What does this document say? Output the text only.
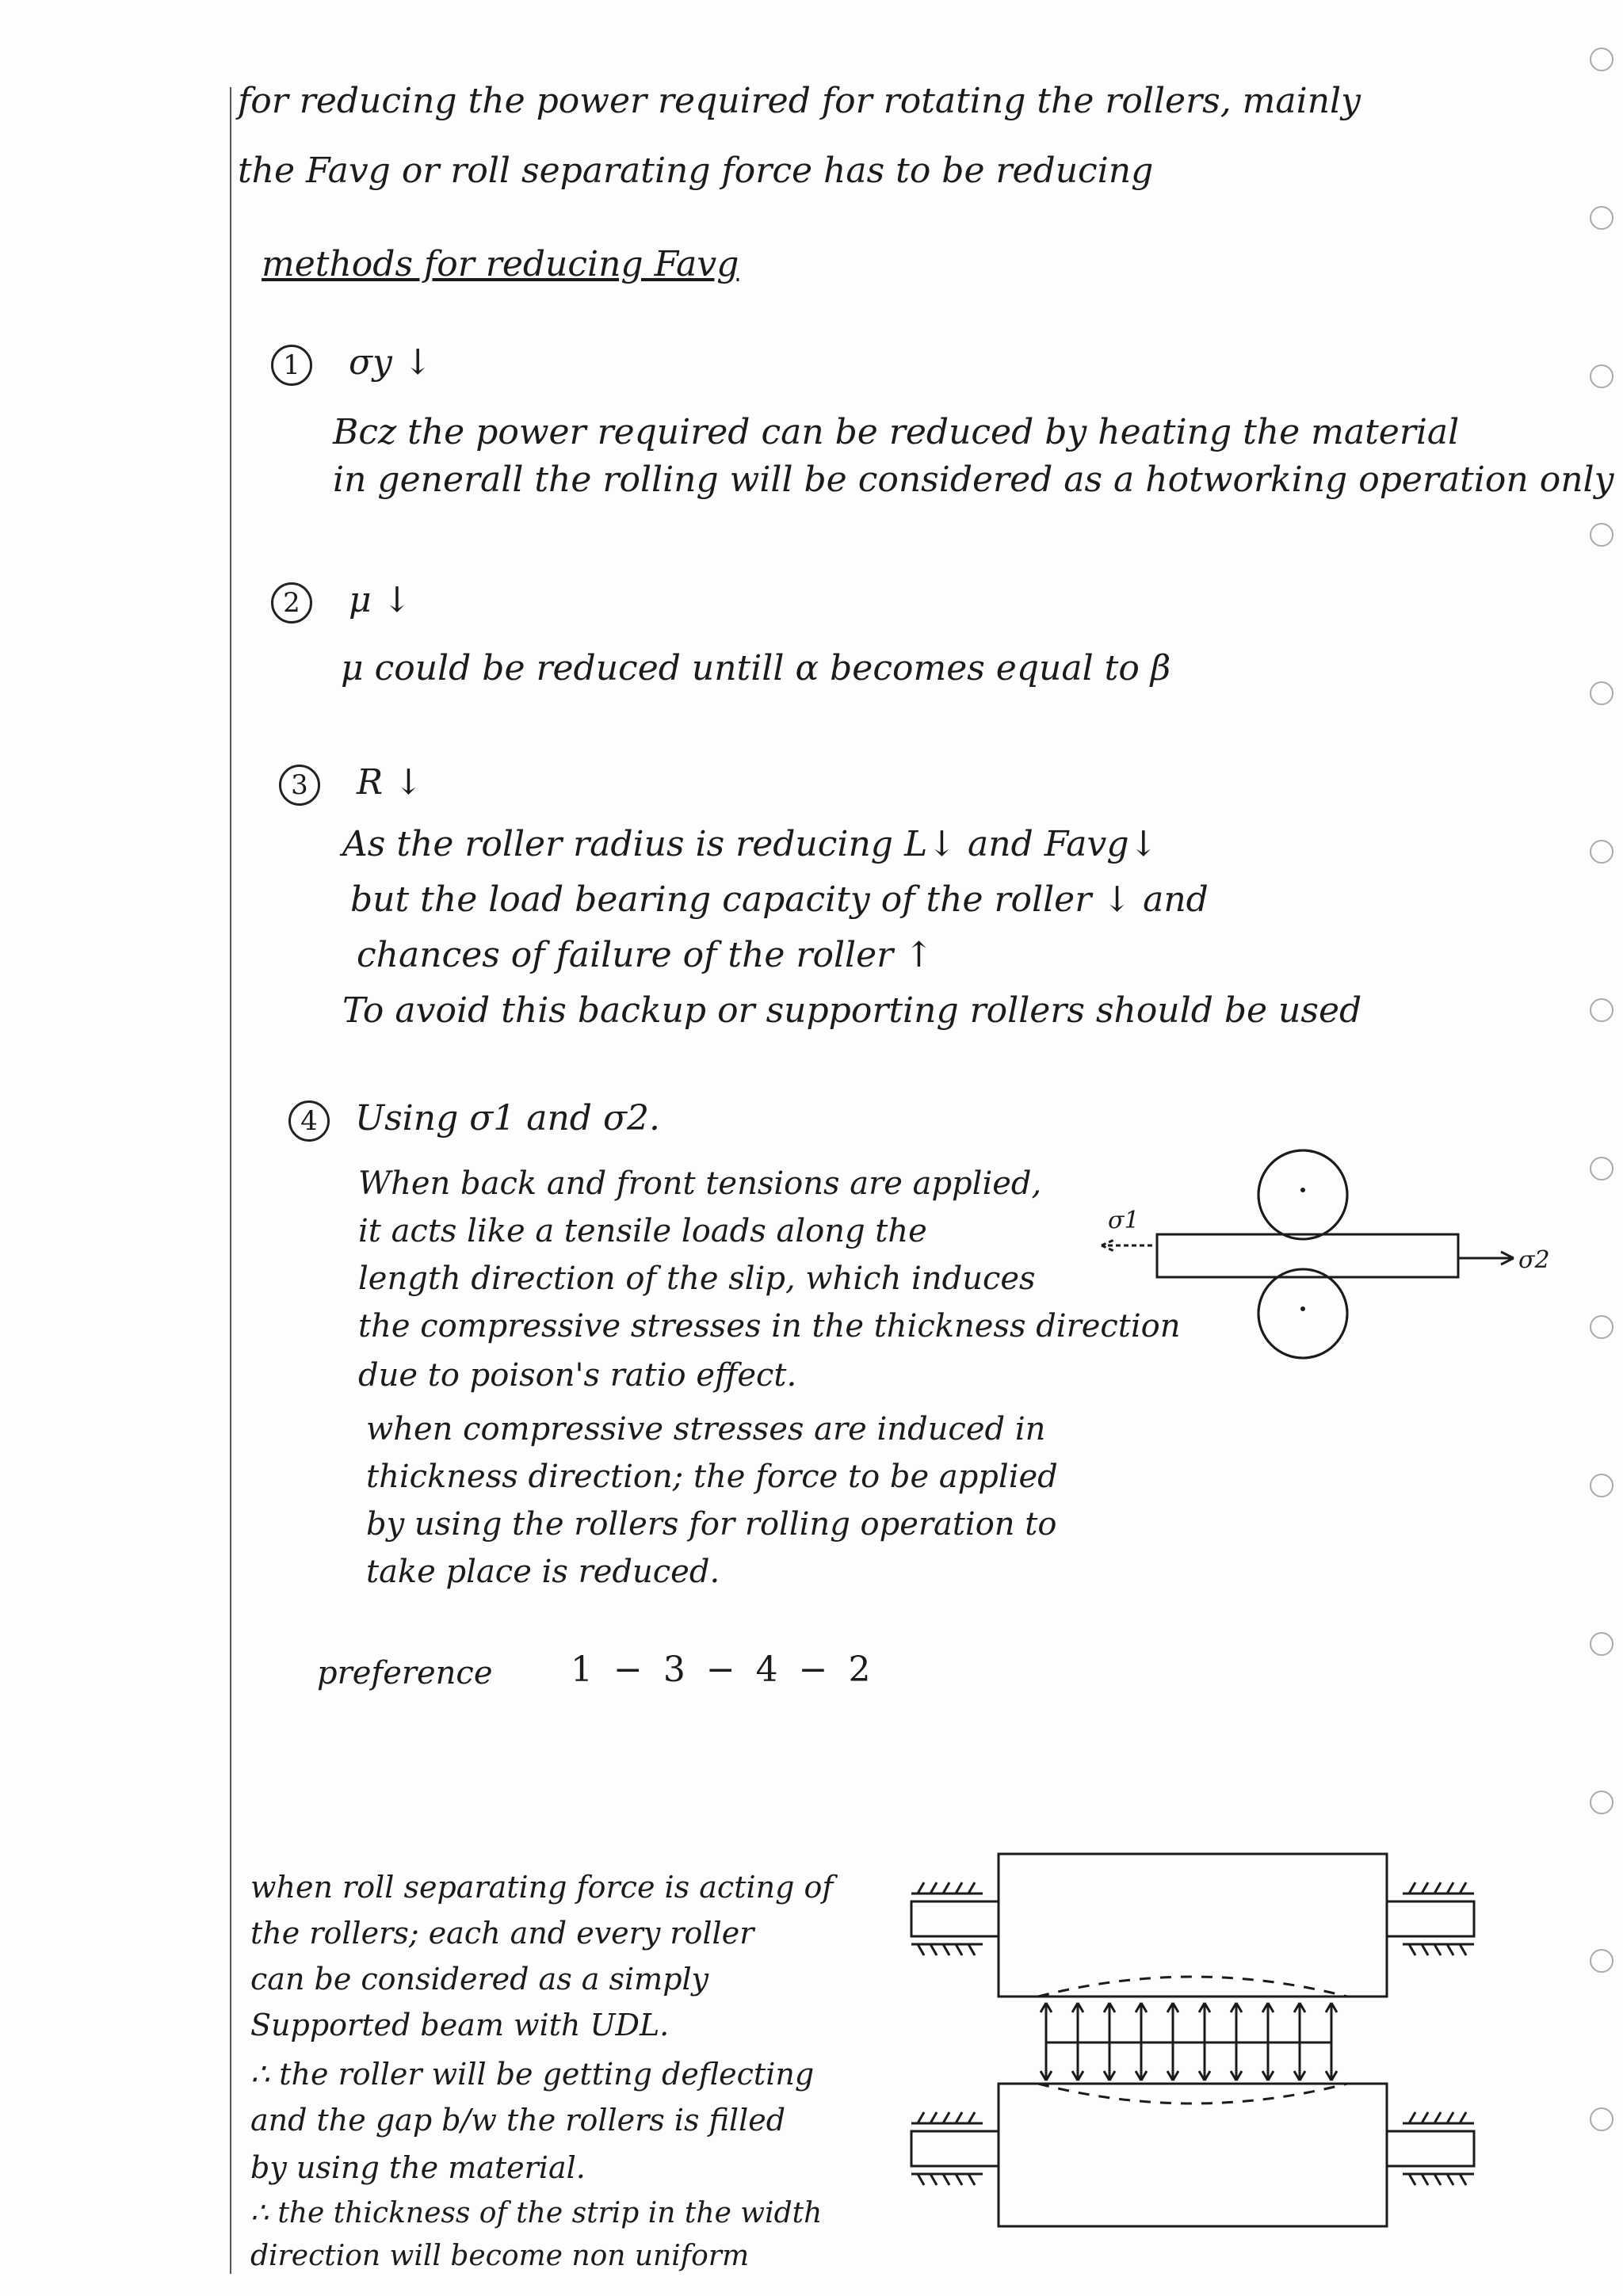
for reducing the power required for rotating the rollers, mainly
the Favg or roll separating force has to be reducing
methods for reducing Favg
1	σy ↓
Bcz the power required can be reduced by heating the material
in generall the rolling will be considered as a hotworking operation only
2	μ ↓
μ could be reduced untill α becomes equal to β
3	R ↓
As the roller radius is reducing L↓ and Favg↓
but the load bearing capacity of the roller ↓ and
chances of failure of the roller ↑
To avoid this backup or supporting rollers should be used
4	Using σ1 and σ2.
When back and front tensions are applied,
it acts like a tensile loads along the
length direction of the slip, which induces
the compressive stresses in the thickness direction
due to poison's ratio effect.
when compressive stresses are induced in
thickness direction; the force to be applied
by using the rollers for rolling operation to
take place is reduced.
σ1
σ2
preference 1 − 3 − 4 − 2
when roll separating force is acting of
the rollers; each and every roller
can be considered as a simply
Supported beam with UDL.
∴ the roller will be getting deflecting
and the gap b/w the rollers is filled
by using the material.
∴ the thickness of the strip in the width
direction will become non uniform
